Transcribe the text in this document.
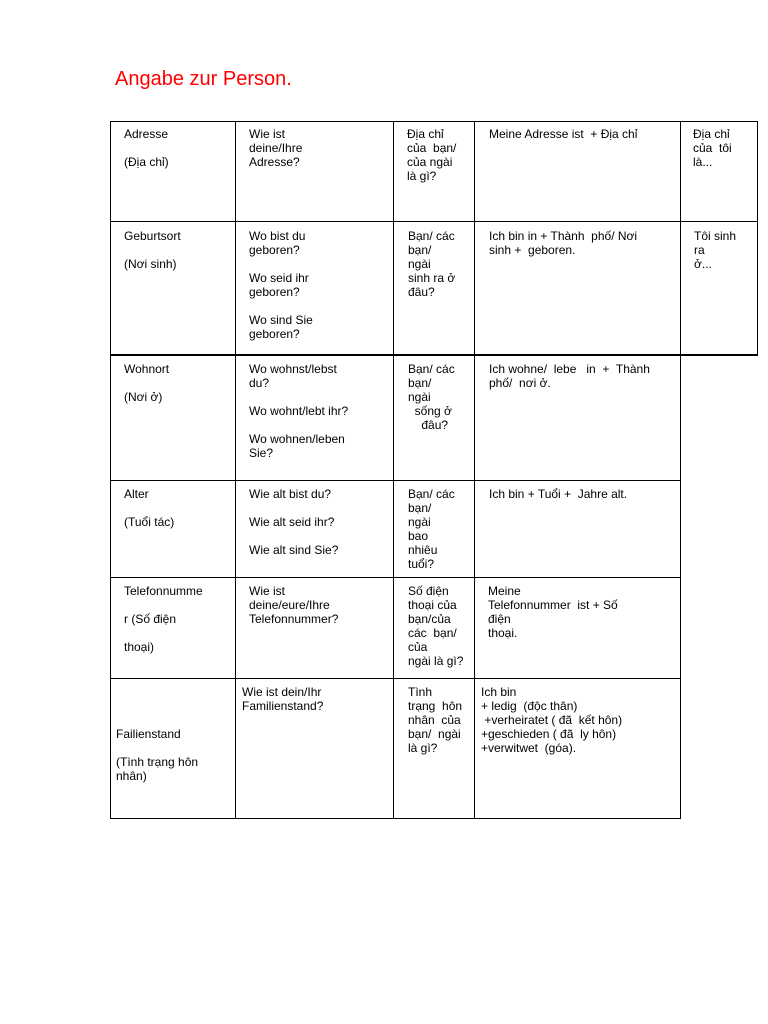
Angabe zur Person.
Adresse

(Địa chỉ)
Wie ist
deine/Ihre
Adresse?
Địa chỉ
của  bạn/
của ngài
là gì?
Meine Adresse ist  + Địa chỉ	Địa chỉ
của  tôi
là...
Geburtsort

(Nơi sinh)
Wo bist du
geboren?

Wo seid ihr
geboren?

Wo sind Sie
geboren?
Bạn/ các
bạn/
ngài
sinh ra ở
đâu?
Ich bin in + Thành  phố/ Nơi
sinh +  geboren.
Tôi sinh
ra
ở...
Wohnort

(Nơi ở)
Wo wohnst/lebst
du?

Wo wohnt/lebt ihr?

Wo wohnen/leben
Sie?
Bạn/ các
bạn/
ngài
sống ở
đâu?
Ich wohne/  lebe   in  +  Thành
phố/  nơi ở.
Alter

(Tuổi tác)
Wie alt bist du?

Wie alt seid ihr?

Wie alt sind Sie?
Bạn/ các
bạn/
ngài
bao
nhiêu
tuổi?
Ich bin + Tuổi +  Jahre alt.
Telefonnumme

r (Số điện

thoại)
Wie ist
deine/eure/Ihre
Telefonnummer?
Số điện
thoại của
bạn/của
các  bạn/
của
ngài là gì?
Meine
Telefonnummer  ist + Số
điện
thoại.
Failienstand

(Tình trạng hôn
nhân)
Wie ist dein/Ihr
Familienstand?
Tình
trạng  hôn
nhân  của
bạn/  ngài
là gì?
Ich bin
+ ledig  (độc thân)
+verheiratet ( đã  kết hôn)
+geschieden ( đã  ly hôn)
+verwitwet  (góa).
